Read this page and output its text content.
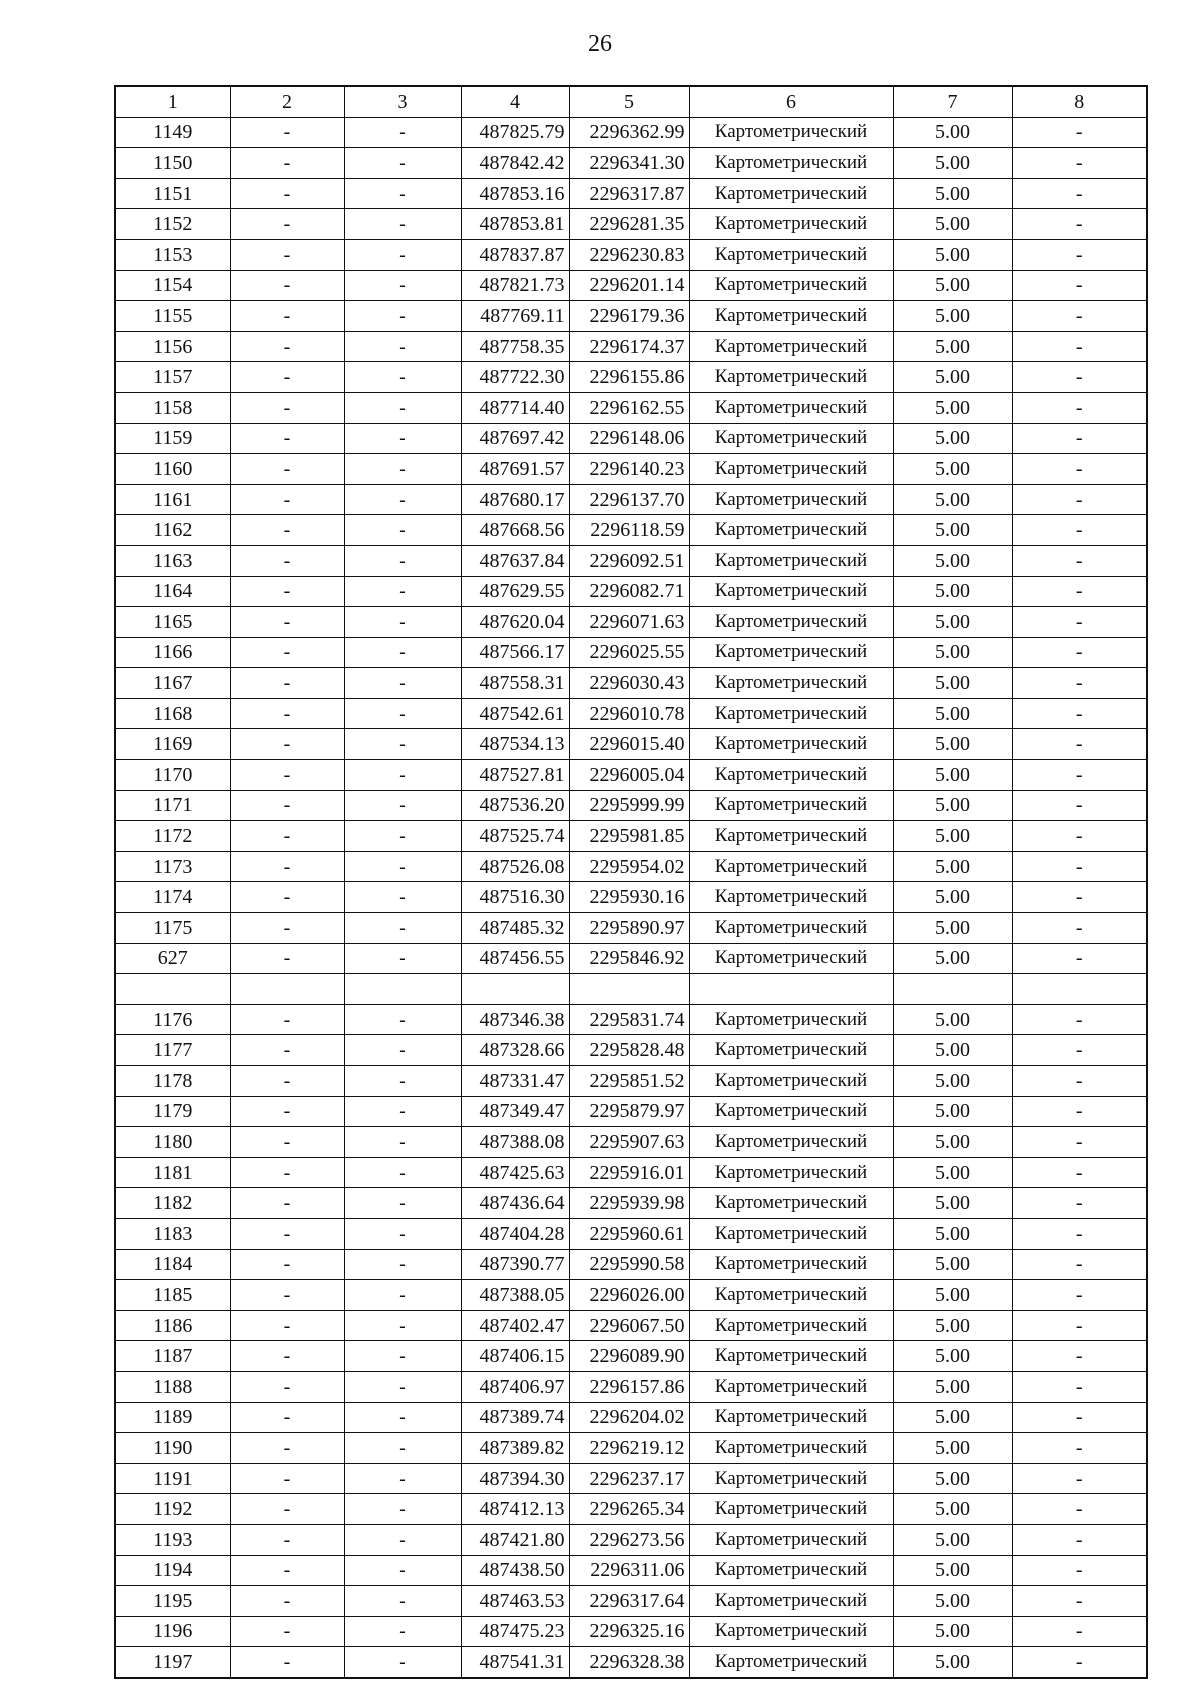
26
1	2	3	4	5	6	7	8
1149	-	-	487825.79	2296362.99	Картометрический	5.00	-
1150	-	-	487842.42	2296341.30	Картометрический	5.00	-
1151	-	-	487853.16	2296317.87	Картометрический	5.00	-
1152	-	-	487853.81	2296281.35	Картометрический	5.00	-
1153	-	-	487837.87	2296230.83	Картометрический	5.00	-
1154	-	-	487821.73	2296201.14	Картометрический	5.00	-
1155	-	-	487769.11	2296179.36	Картометрический	5.00	-
1156	-	-	487758.35	2296174.37	Картометрический	5.00	-
1157	-	-	487722.30	2296155.86	Картометрический	5.00	-
1158	-	-	487714.40	2296162.55	Картометрический	5.00	-
1159	-	-	487697.42	2296148.06	Картометрический	5.00	-
1160	-	-	487691.57	2296140.23	Картометрический	5.00	-
1161	-	-	487680.17	2296137.70	Картометрический	5.00	-
1162	-	-	487668.56	2296118.59	Картометрический	5.00	-
1163	-	-	487637.84	2296092.51	Картометрический	5.00	-
1164	-	-	487629.55	2296082.71	Картометрический	5.00	-
1165	-	-	487620.04	2296071.63	Картометрический	5.00	-
1166	-	-	487566.17	2296025.55	Картометрический	5.00	-
1167	-	-	487558.31	2296030.43	Картометрический	5.00	-
1168	-	-	487542.61	2296010.78	Картометрический	5.00	-
1169	-	-	487534.13	2296015.40	Картометрический	5.00	-
1170	-	-	487527.81	2296005.04	Картометрический	5.00	-
1171	-	-	487536.20	2295999.99	Картометрический	5.00	-
1172	-	-	487525.74	2295981.85	Картометрический	5.00	-
1173	-	-	487526.08	2295954.02	Картометрический	5.00	-
1174	-	-	487516.30	2295930.16	Картометрический	5.00	-
1175	-	-	487485.32	2295890.97	Картометрический	5.00	-
627	-	-	487456.55	2295846.92	Картометрический	5.00	-

1176	-	-	487346.38	2295831.74	Картометрический	5.00	-
1177	-	-	487328.66	2295828.48	Картометрический	5.00	-
1178	-	-	487331.47	2295851.52	Картометрический	5.00	-
1179	-	-	487349.47	2295879.97	Картометрический	5.00	-
1180	-	-	487388.08	2295907.63	Картометрический	5.00	-
1181	-	-	487425.63	2295916.01	Картометрический	5.00	-
1182	-	-	487436.64	2295939.98	Картометрический	5.00	-
1183	-	-	487404.28	2295960.61	Картометрический	5.00	-
1184	-	-	487390.77	2295990.58	Картометрический	5.00	-
1185	-	-	487388.05	2296026.00	Картометрический	5.00	-
1186	-	-	487402.47	2296067.50	Картометрический	5.00	-
1187	-	-	487406.15	2296089.90	Картометрический	5.00	-
1188	-	-	487406.97	2296157.86	Картометрический	5.00	-
1189	-	-	487389.74	2296204.02	Картометрический	5.00	-
1190	-	-	487389.82	2296219.12	Картометрический	5.00	-
1191	-	-	487394.30	2296237.17	Картометрический	5.00	-
1192	-	-	487412.13	2296265.34	Картометрический	5.00	-
1193	-	-	487421.80	2296273.56	Картометрический	5.00	-
1194	-	-	487438.50	2296311.06	Картометрический	5.00	-
1195	-	-	487463.53	2296317.64	Картометрический	5.00	-
1196	-	-	487475.23	2296325.16	Картометрический	5.00	-
1197	-	-	487541.31	2296328.38	Картометрический	5.00	-
